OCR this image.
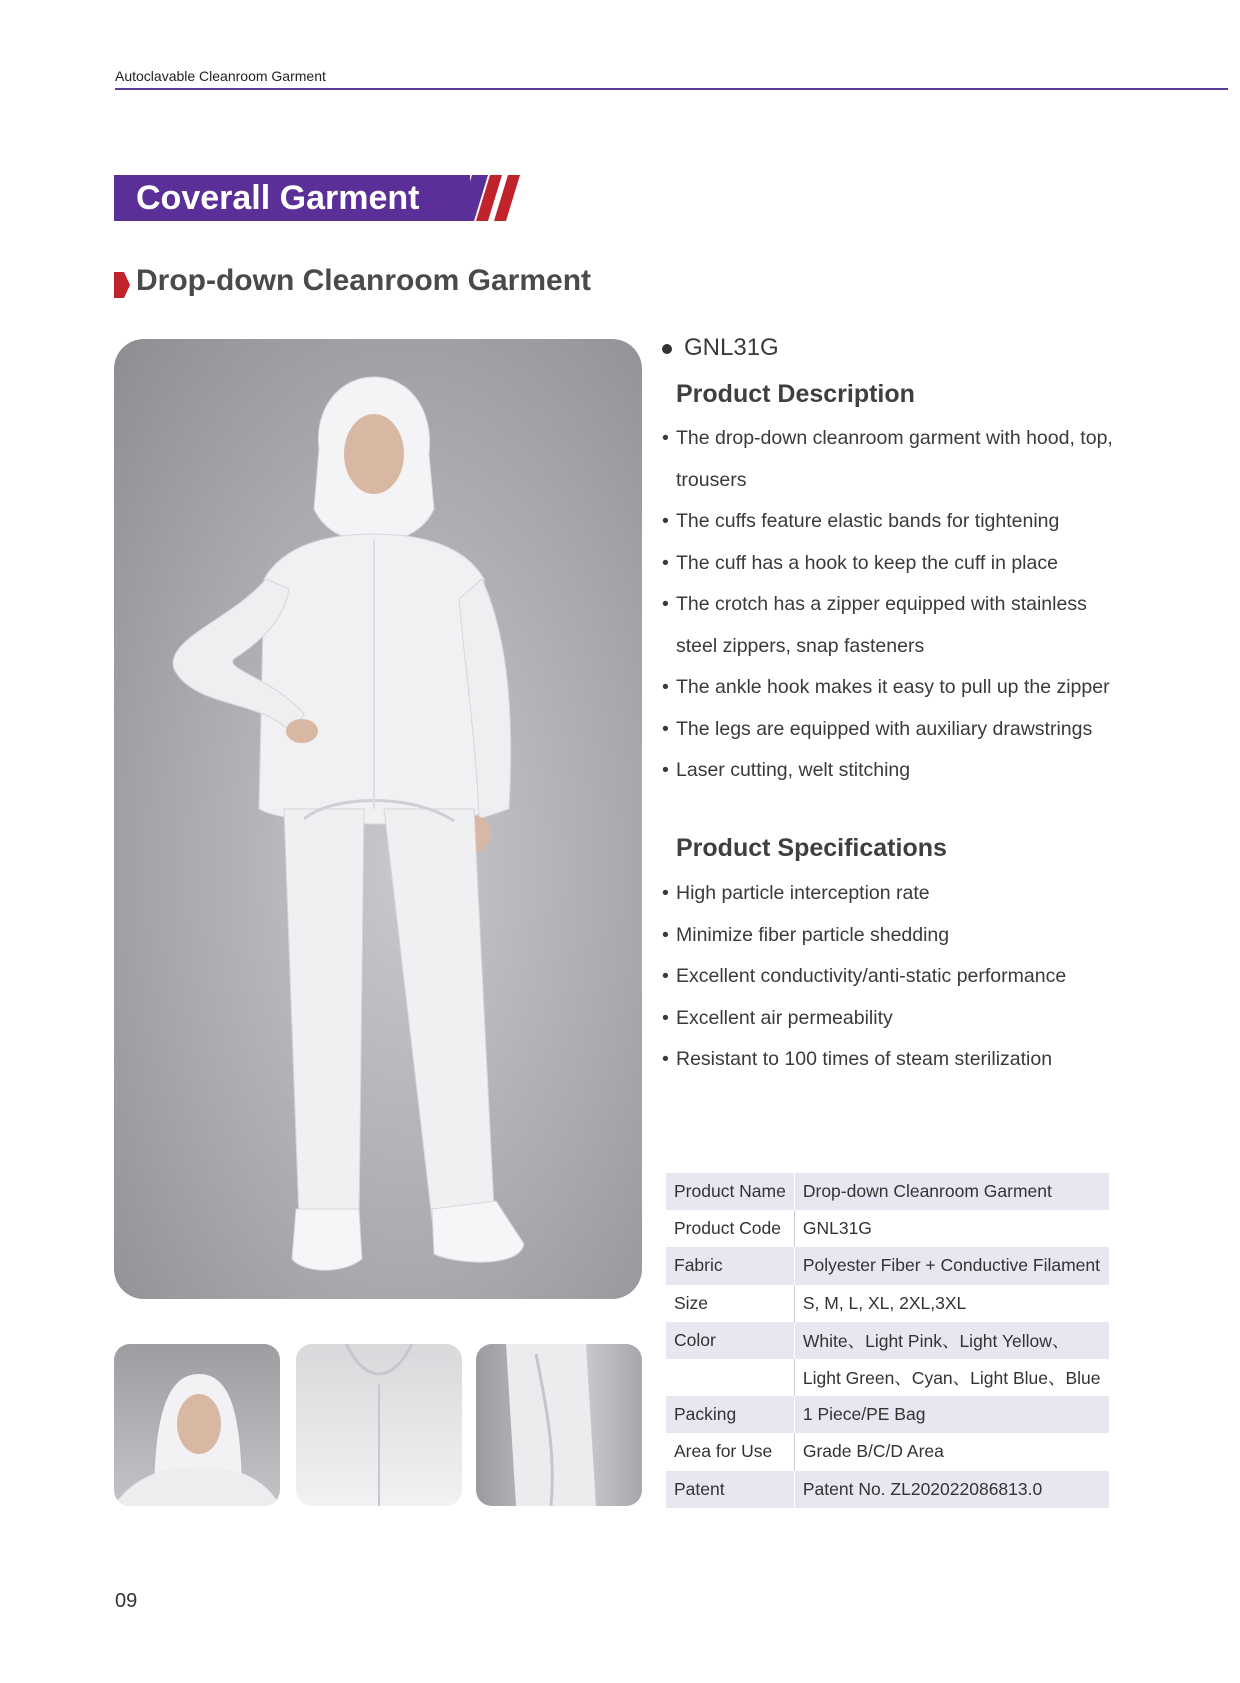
Autoclavable Cleanroom Garment
Coverall Garment
Drop-down Cleanroom Garment
GNL31G
Product Description
• The drop-down cleanroom garment with hood, top,
trousers
• The cuffs feature elastic bands for tightening
• The cuff has a hook to keep the cuff in place
• The crotch has a zipper equipped with stainless
steel zippers, snap fasteners
• The ankle hook makes it easy to pull up the zipper
• The legs are equipped with auxiliary drawstrings
• Laser cutting, welt stitching
Product Specifications
• High particle interception rate
• Minimize fiber particle shedding
• Excellent conductivity/anti-static performance
• Excellent air permeability
• Resistant to 100 times of steam sterilization
Product Name	Drop-down Cleanroom Garment
Product Code	GNL31G
Fabric	Polyester Fiber + Conductive Filament
Size	S, M, L, XL, 2XL,3XL
Color	White、Light Pink、Light Yellow、
	Light Green、Cyan、Light Blue、Blue
Packing	1 Piece/PE Bag
Area for Use	Grade B/C/D Area
Patent	Patent No. ZL202022086813.0
09
